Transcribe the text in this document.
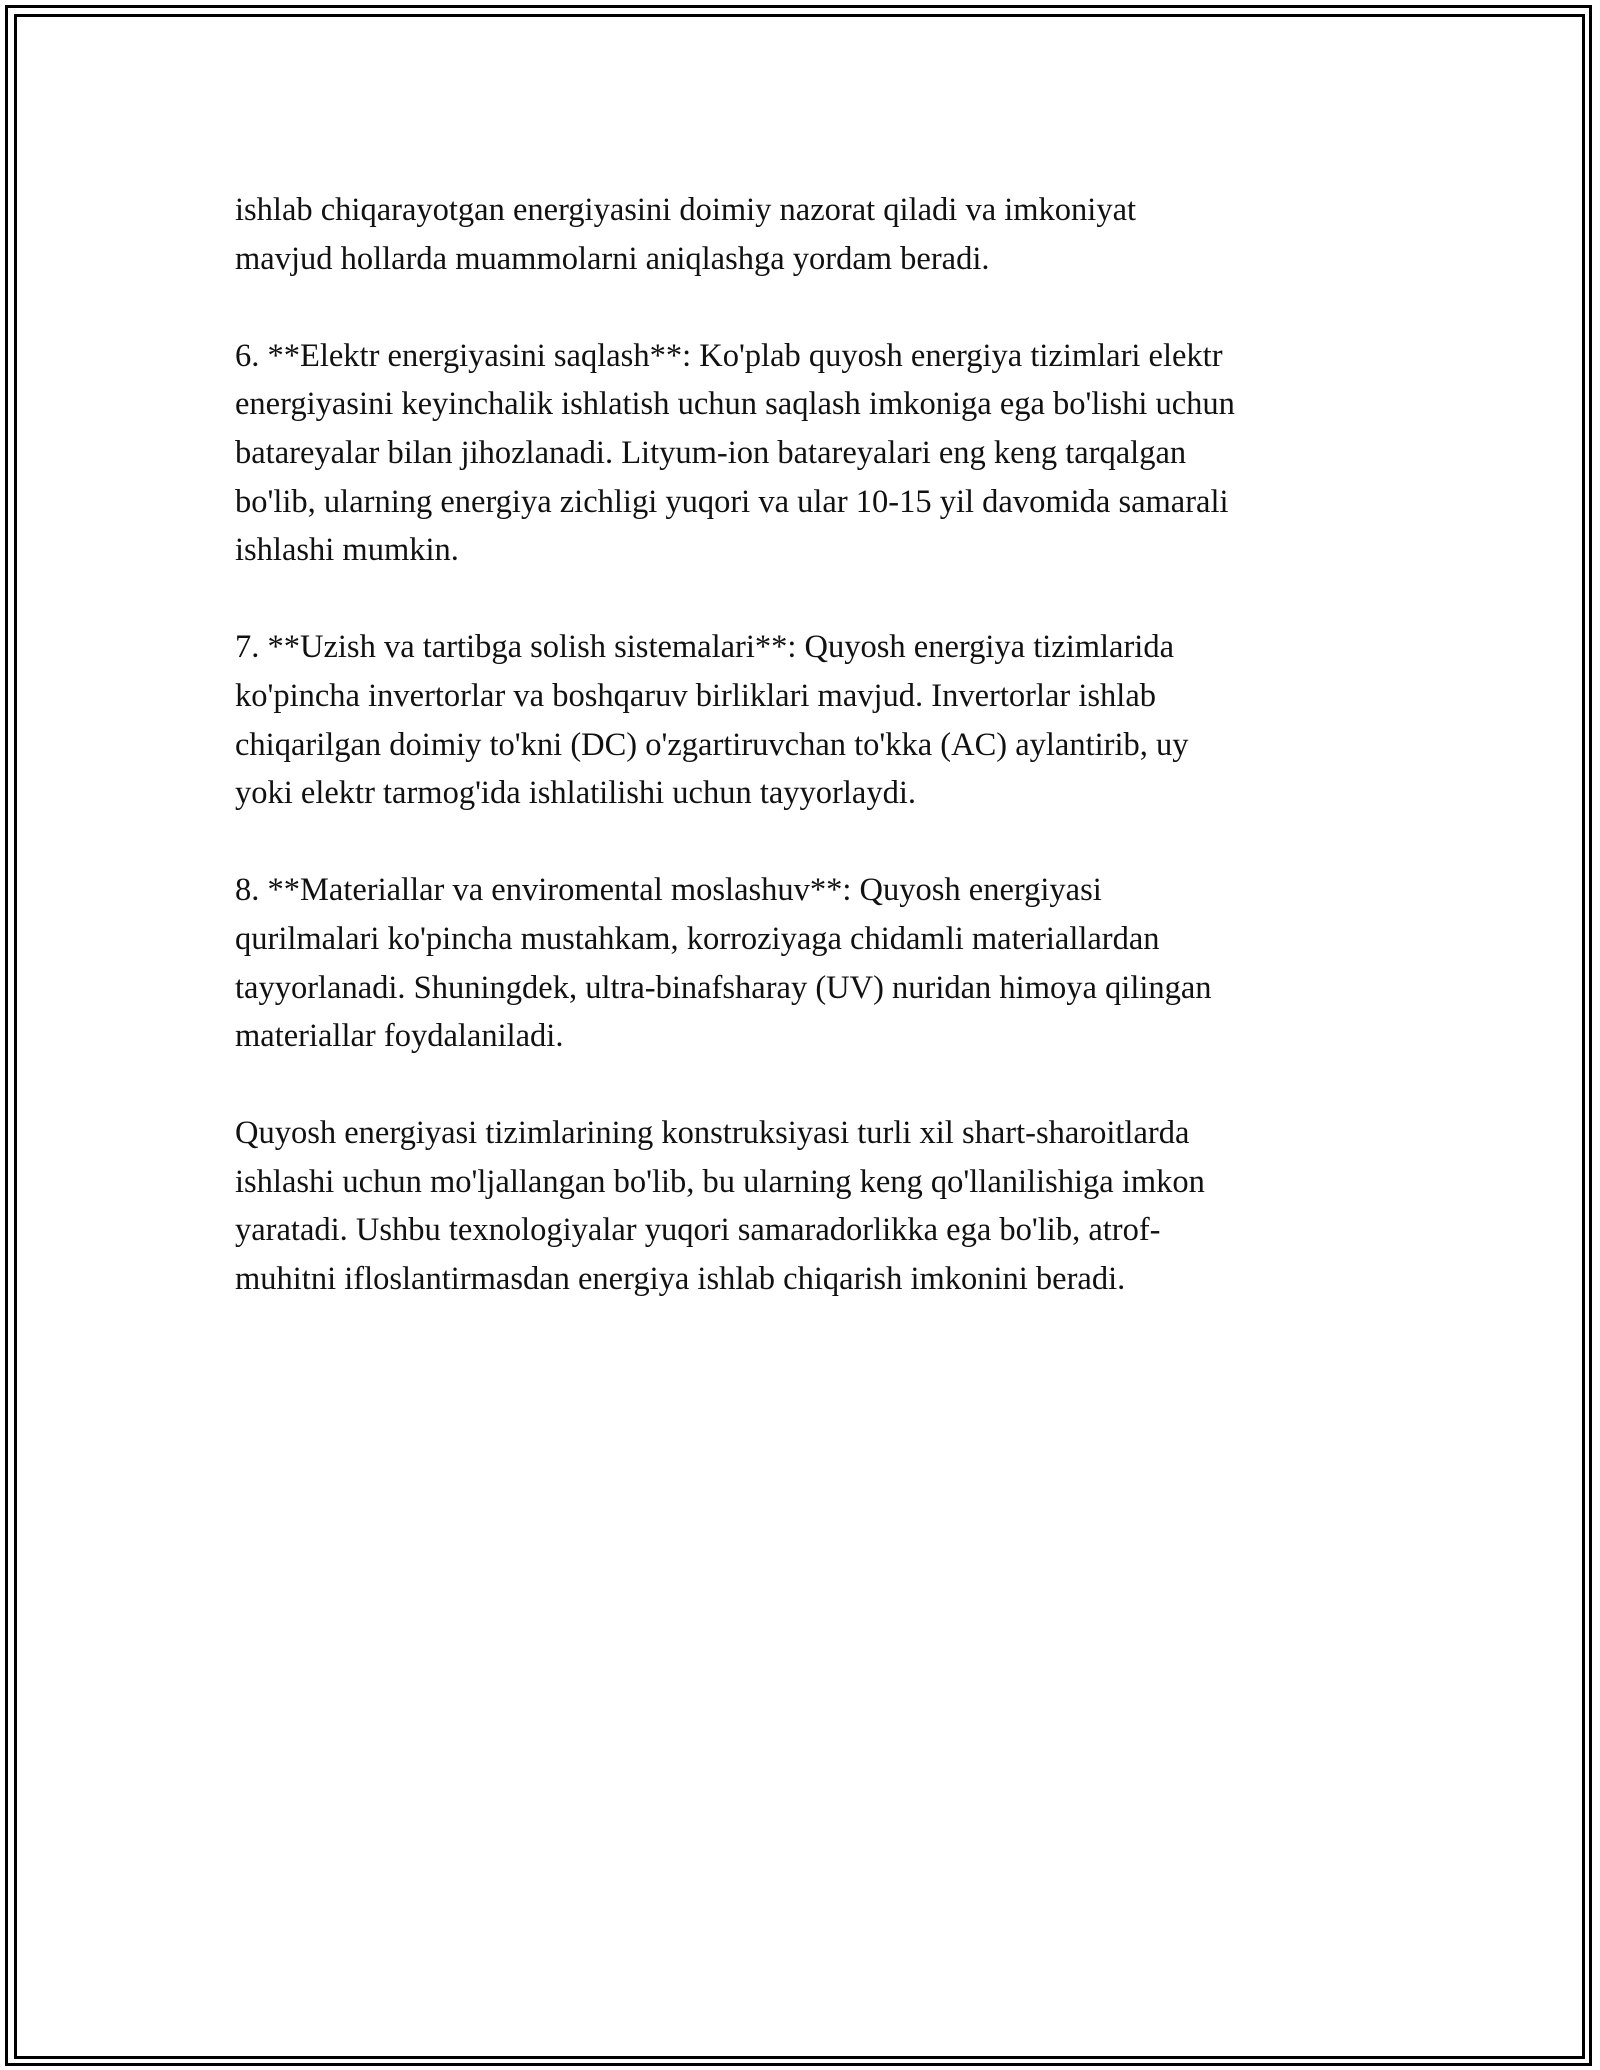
ishlab chiqarayotgan energiyasini doimiy nazorat qiladi va imkoniyat
mavjud hollarda muammolarni aniqlashga yordam beradi.

6. **Elektr energiyasini saqlash**: Ko'plab quyosh energiya tizimlari elektr
energiyasini keyinchalik ishlatish uchun saqlash imkoniga ega bo'lishi uchun
batareyalar bilan jihozlanadi. Lityum-ion batareyalari eng keng tarqalgan
bo'lib, ularning energiya zichligi yuqori va ular 10-15 yil davomida samarali
ishlashi mumkin.

7. **Uzish va tartibga solish sistemalari**: Quyosh energiya tizimlarida
ko'pincha invertorlar va boshqaruv birliklari mavjud. Invertorlar ishlab
chiqarilgan doimiy to'kni (DC) o'zgartiruvchan to'kka (AC) aylantirib, uy
yoki elektr tarmog'ida ishlatilishi uchun tayyorlaydi.

8. **Materiallar va enviromental moslashuv**: Quyosh energiyasi
qurilmalari ko'pincha mustahkam, korroziyaga chidamli materiallardan
tayyorlanadi. Shuningdek, ultra-binafsharay (UV) nuridan himoya qilingan
materiallar foydalaniladi.

Quyosh energiyasi tizimlarining konstruksiyasi turli xil shart-sharoitlarda
ishlashi uchun mo'ljallangan bo'lib, bu ularning keng qo'llanilishiga imkon
yaratadi. Ushbu texnologiyalar yuqori samaradorlikka ega bo'lib, atrof-
muhitni ifloslantirmasdan energiya ishlab chiqarish imkonini beradi.
